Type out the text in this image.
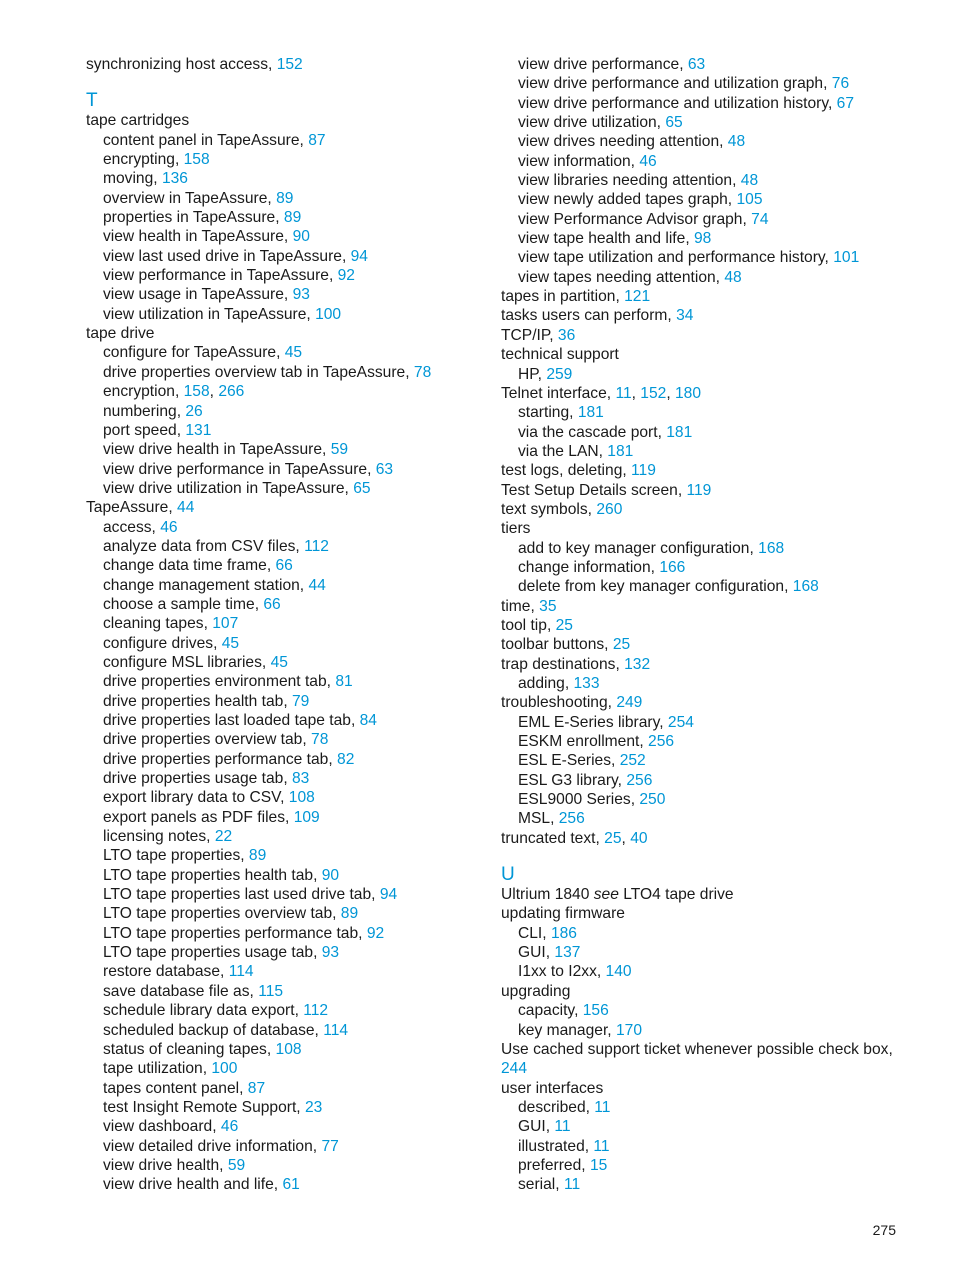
synchronizing host access, 152
T
tape cartridges
content panel in TapeAssure, 87
encrypting, 158
moving, 136
overview in TapeAssure, 89
properties in TapeAssure, 89
view health in TapeAssure, 90
view last used drive in TapeAssure, 94
view performance in TapeAssure, 92
view usage in TapeAssure, 93
view utilization in TapeAssure, 100
tape drive
configure for TapeAssure, 45
drive properties overview tab in TapeAssure, 78
encryption, 158, 266
numbering, 26
port speed, 131
view drive health in TapeAssure, 59
view drive performance in TapeAssure, 63
view drive utilization in TapeAssure, 65
TapeAssure, 44
access, 46
analyze data from CSV files, 112
change data time frame, 66
change management station, 44
choose a sample time, 66
cleaning tapes, 107
configure drives, 45
configure MSL libraries, 45
drive properties environment tab, 81
drive properties health tab, 79
drive properties last loaded tape tab, 84
drive properties overview tab, 78
drive properties performance tab, 82
drive properties usage tab, 83
export library data to CSV, 108
export panels as PDF files, 109
licensing notes, 22
LTO tape properties, 89
LTO tape properties health tab, 90
LTO tape properties last used drive tab, 94
LTO tape properties overview tab, 89
LTO tape properties performance tab, 92
LTO tape properties usage tab, 93
restore database, 114
save database file as, 115
schedule library data export, 112
scheduled backup of database, 114
status of cleaning tapes, 108
tape utilization, 100
tapes content panel, 87
test Insight Remote Support, 23
view dashboard, 46
view detailed drive information, 77
view drive health, 59
view drive health and life, 61
view drive performance, 63
view drive performance and utilization graph, 76
view drive performance and utilization history, 67
view drive utilization, 65
view drives needing attention, 48
view information, 46
view libraries needing attention, 48
view newly added tapes graph, 105
view Performance Advisor graph, 74
view tape health and life, 98
view tape utilization and performance history, 101
view tapes needing attention, 48
tapes in partition, 121
tasks users can perform, 34
TCP/IP, 36
technical support
HP, 259
Telnet interface, 11, 152, 180
starting, 181
via the cascade port, 181
via the LAN, 181
test logs, deleting, 119
Test Setup Details screen, 119
text symbols, 260
tiers
add to key manager configuration, 168
change information, 166
delete from key manager configuration, 168
time, 35
tool tip, 25
toolbar buttons, 25
trap destinations, 132
adding, 133
troubleshooting, 249
EML E-Series library, 254
ESKM enrollment, 256
ESL E-Series, 252
ESL G3 library, 256
ESL9000 Series, 250
MSL, 256
truncated text, 25, 40
U
Ultrium 1840 see LTO4 tape drive
updating firmware
CLI, 186
GUI, 137
I1xx to I2xx, 140
upgrading
capacity, 156
key manager, 170
Use cached support ticket whenever possible check box, 244
user interfaces
described, 11
GUI, 11
illustrated, 11
preferred, 15
serial, 11
275
